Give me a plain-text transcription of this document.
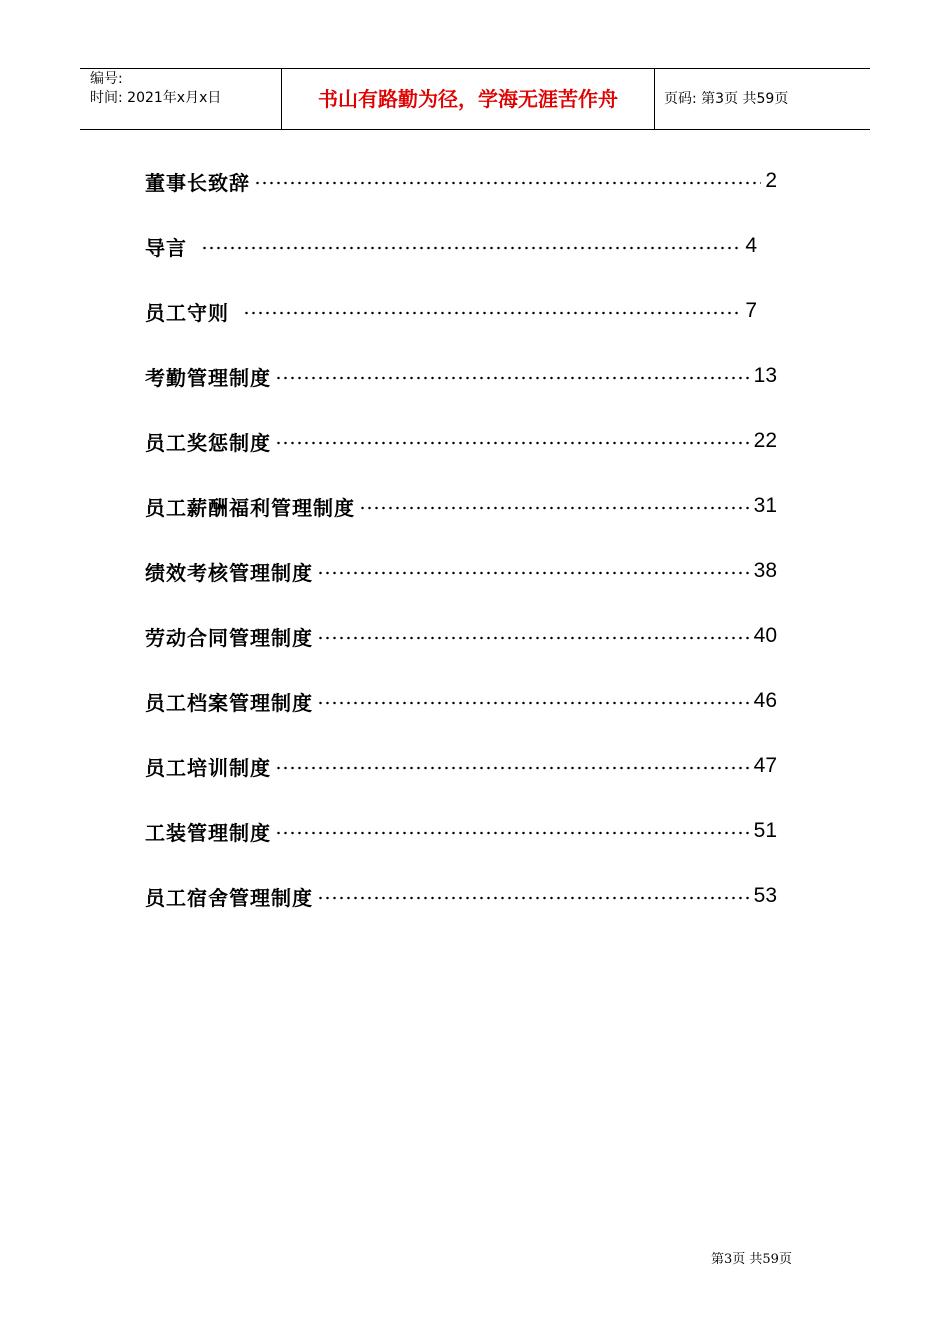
编号:
时间: 2021年x月x日	书山有路勤为径，学海无涯苦作舟	页码: 第3页 共59页
董事长致辞	2
导言	4
员工守则	7
考勤管理制度	13
员工奖惩制度	22
员工薪酬福利管理制度	31
绩效考核管理制度	38
劳动合同管理制度	40
员工档案管理制度	46
员工培训制度	47
工装管理制度	51
员工宿舍管理制度	53
第3页 共59页
